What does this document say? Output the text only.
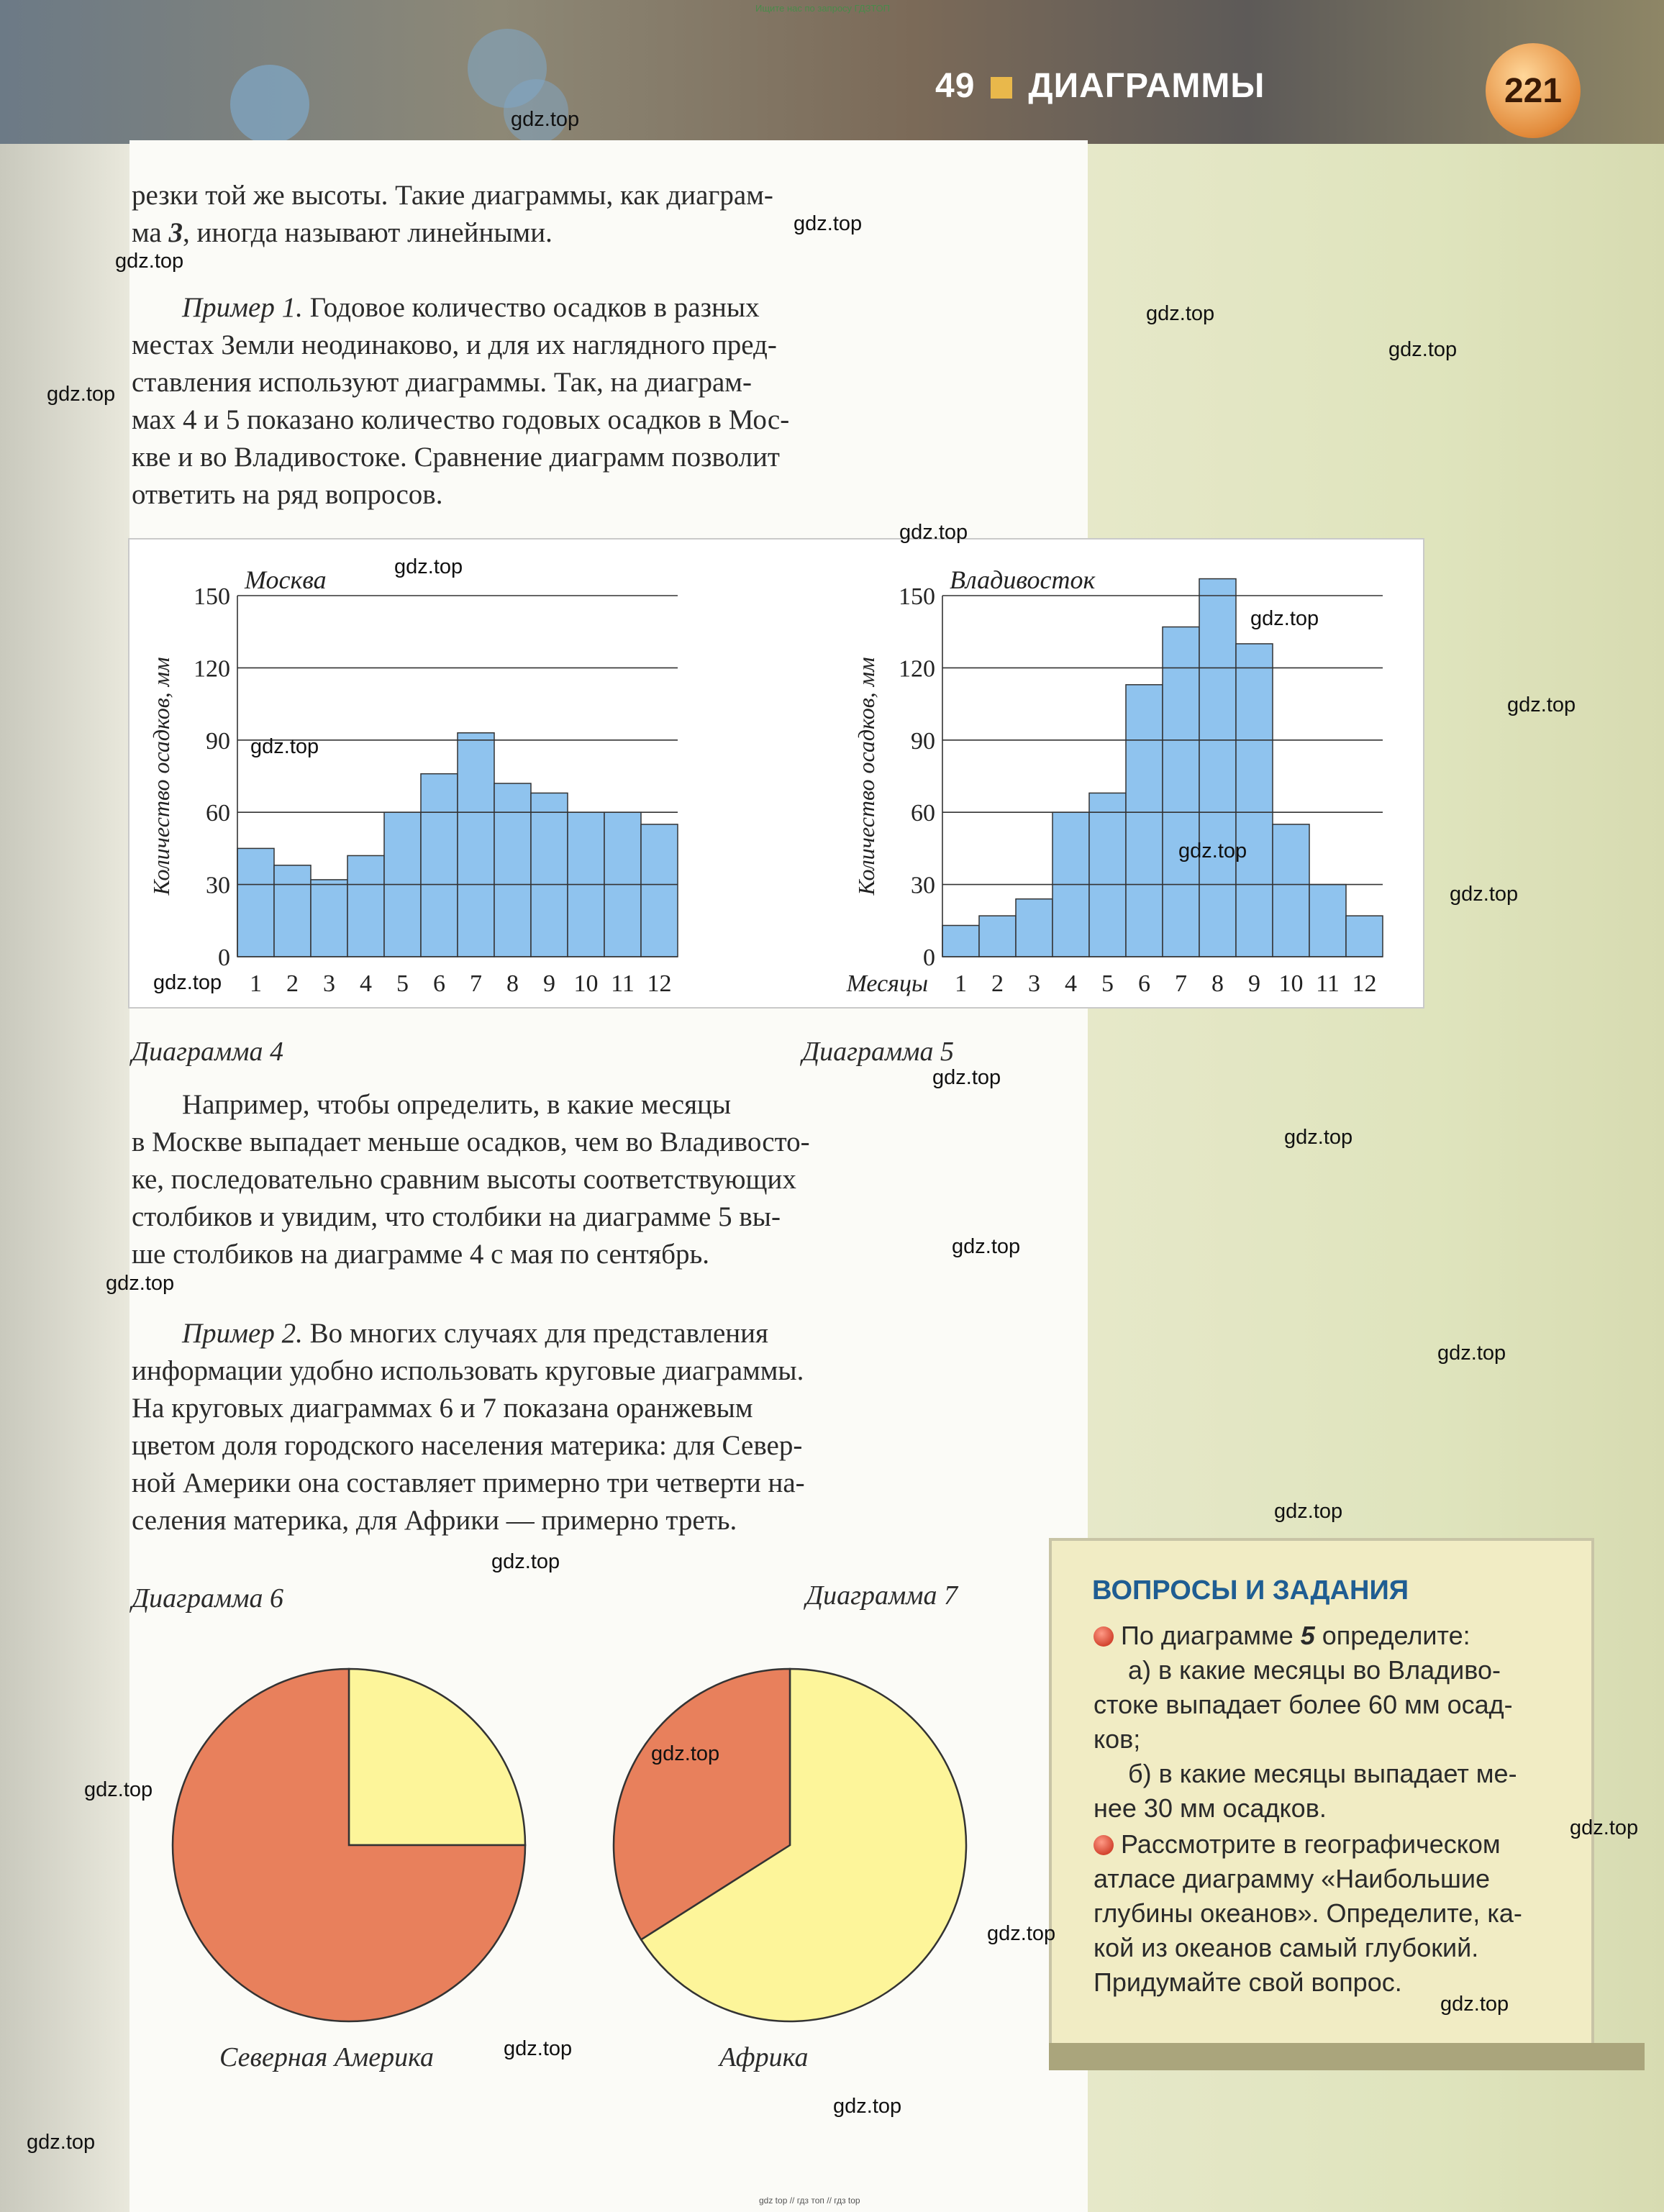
Ищите нас по запросу ГДЗТОП
49 ДИАГРАММЫ	221

резки той же высоты. Такие диаграммы, как диаграм-
ма 3, иногда называют линейными.

Пример 1. Годовое количество осадков в разных
местах Земли неодинаково, и для их наглядного пред-
ставления используют диаграммы. Так, на диаграм-
мах 4 и 5 показано количество годовых осадков в Мос-
кве и во Владивостоке. Сравнение диаграмм позволит
ответить на ряд вопросов.

Москва
Количество осадков, мм
1 2 3 4 5 6 7 8 9 10 11 12
0
30
60
90
120
150
Владивосток
Количество осадков, мм
1 2 3 4 5 6 7 8 9 10 11 12
0
30
60
90
120
150
Месяцы
Диаграмма 4	Диаграмма 5

Например, чтобы определить, в какие месяцы
в Москве выпадает меньше осадков, чем во Владивосто-
ке, последовательно сравним высоты соответствующих
столбиков и увидим, что столбики на диаграмме 5 вы-
ше столбиков на диаграмме 4 с мая по сентябрь.

Пример 2. Во многих случаях для представления
информации удобно использовать круговые диаграммы.
На круговых диаграммах 6 и 7 показана оранжевым
цветом доля городского населения материка: для Север-
ной Америки она составляет примерно три четверти на-
селения материка, для Африки — примерно треть.

Диаграмма 6	Диаграмма 7
Северная Америка	Африка
ВОПРОСЫ И ЗАДАНИЯ

По диаграмме 5 определите:

а) в какие месяцы во Владиво-
стоке выпадает более 60 мм осад-
ков;
б) в какие месяцы выпадает ме-
нее 30 мм осадков.

Рассмотрите в географическом
атласе диаграмму «Наибольшие
глубины океанов». Определите, ка-
кой из океанов самый глубокий.
Придумайте свой вопрос.

gdz.top
gdz.top
gdz.top
gdz.top
gdz.top
gdz.top
gdz.top
gdz.top
gdz.top
gdz.top
gdz.top
gdz.top
gdz.top
gdz.top
gdz.top
gdz.top
gdz.top
gdz.top
gdz.top
gdz.top
gdz.top
gdz.top
gdz.top
gdz.top
gdz.top
gdz.top
gdz.top
gdz.top
gdz.top
gdz top // гдз топ // гдз top
